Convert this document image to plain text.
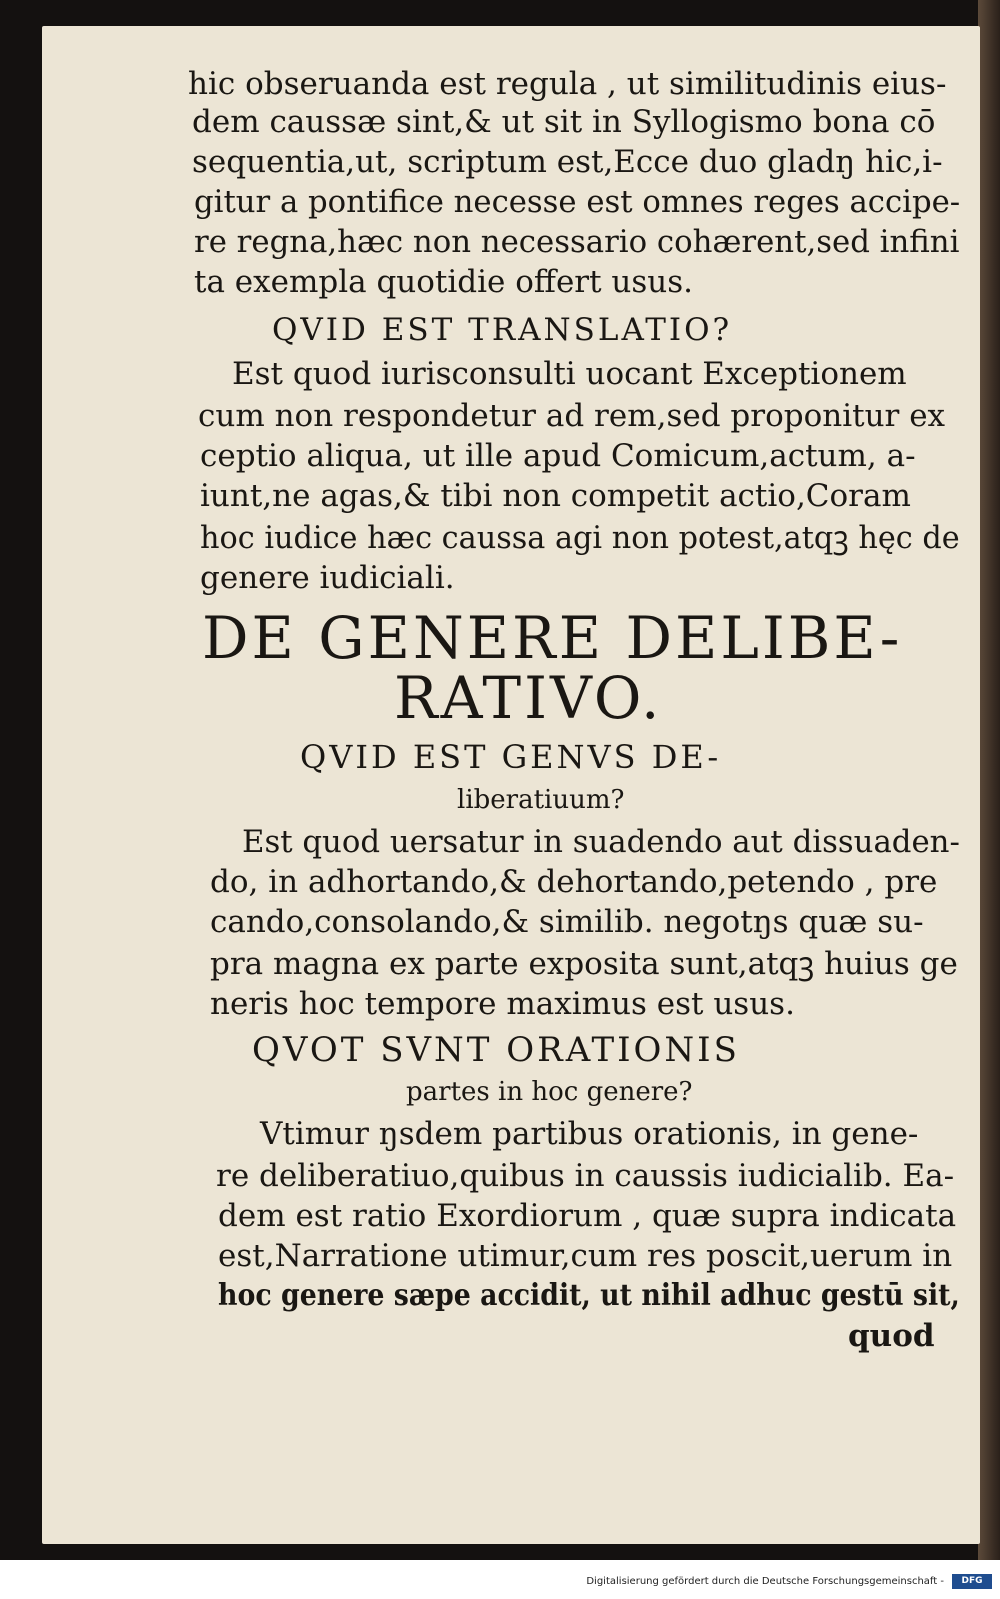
hic obseruanda est regula , ut similitudinis eius-
dem caussæ sint,& ut sit in Syllogismo bona cō
sequentia,ut, scriptum est,Ecce duo gladŋ hic,i-
gitur a pontifice necesse est omnes reges accipe-
re regna,hæc non necessario cohærent,sed infini
ta exempla quotidie offert usus.
QVID EST TRANSLATIO?
Est quod iurisconsulti uocant Exceptionem
cum non respondetur ad rem,sed proponitur ex
ceptio aliqua, ut ille apud Comicum,actum, a-
iunt,ne agas,& tibi non competit actio,Coram
hoc iudice hæc caussa agi non potest,atqꝫ hęc de
genere iudiciali.
DE GENERE DELIBE-
RATIVO.
QVID EST GENVS DE-
liberatiuum?
Est quod uersatur in suadendo aut dissuaden-
do, in adhortando,& dehortando,petendo , pre
cando,consolando,& similib. negotŋs quæ su-
pra magna ex parte exposita sunt,atqꝫ huius ge
neris hoc tempore maximus est usus.
QVOT SVNT ORATIONIS
partes in hoc genere?
Vtimur ŋsdem partibus orationis, in gene-
re deliberatiuo,quibus in caussis iudicialib. Ea-
dem est ratio Exordiorum , quæ supra indicata
est,Narratione utimur,cum res poscit,uerum in
hoc genere sæpe accidit, ut nihil adhuc gestū sit,
quod
Digitalisierung gefördert durch die Deutsche Forschungsgemeinschaft -	DFG
